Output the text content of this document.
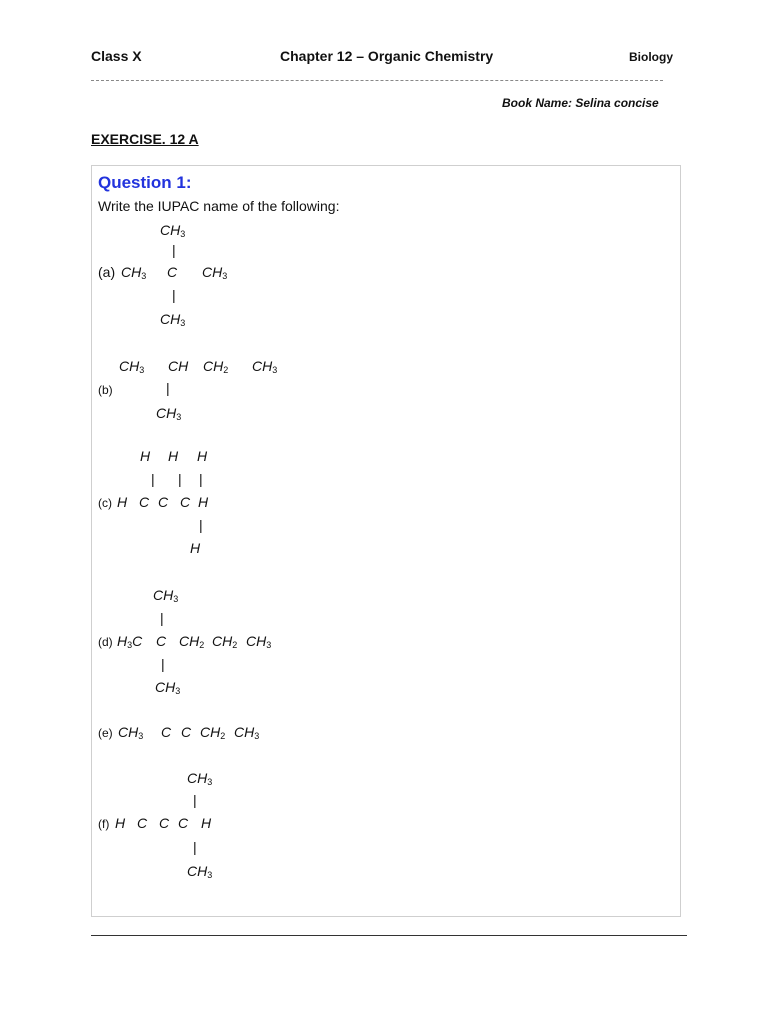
Class X	Chapter 12 – Organic Chemistry	Biology
Book Name: Selina concise
EXERCISE. 12 A
Question 1:
Write the IUPAC name of the following:
$CH_3$
|
(a) $CH_3$ C $CH_3$
|
$CH_3$
$CH_3$ CH $CH_2$ $CH_3$
(b)	|
$CH_3$
H H H
| | |
(c) H C C C H
|
H
$CH_3$
|
(d) $H_3C$ C $CH_2$ $CH_2$ $CH_3$
|
$CH_3$
(e) $CH_3$ C C $CH_2$ $CH_3$
$CH_3$
|
(f) H C C C H
|
$CH_3$
